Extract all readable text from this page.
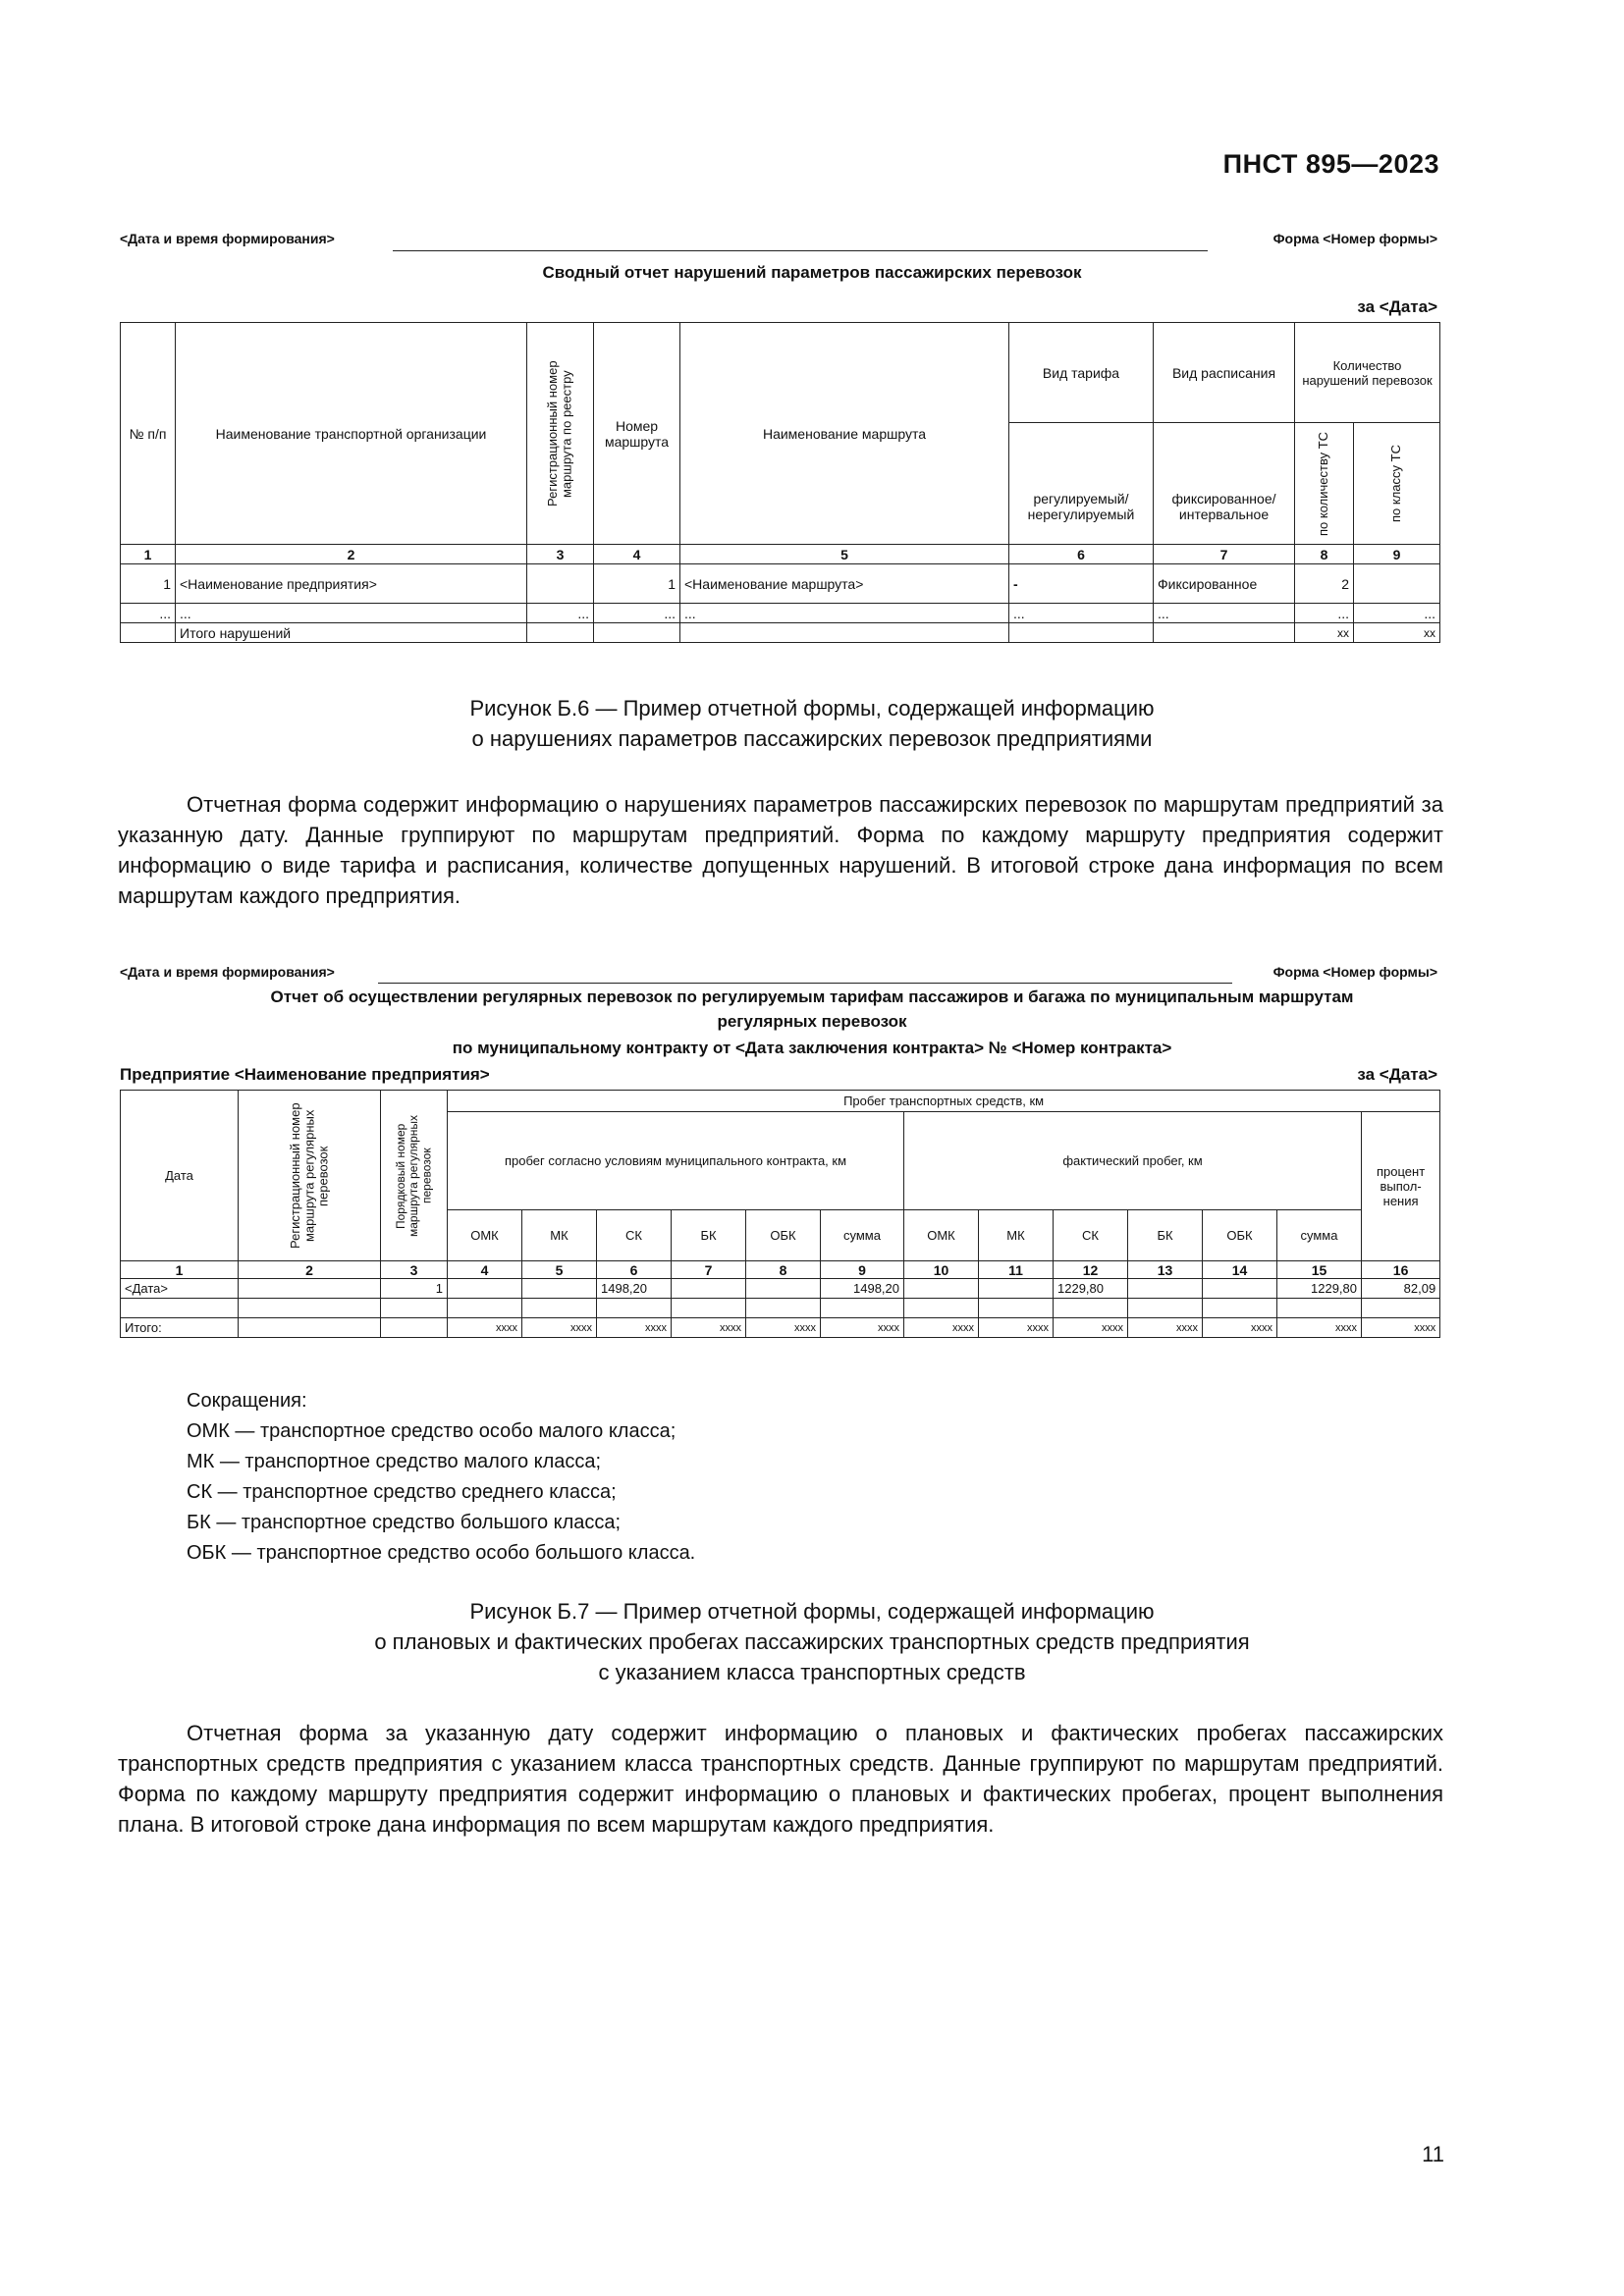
ПНСТ 895—2023
<Дата и время формирования>	Форма <Номер формы>
Сводный отчет нарушений параметров пассажирских перевозок
за <Дата>
№ п/п	Наименование транспортной организации	Регистрационный номер маршрута по реестру	Номер маршрута	Наименование маршрута	Вид тарифа	Вид расписания	Количество нарушений перевозок	
					регулируемый/ нерегулируемый	фиксированное/ интервальное	по количеству ТС	по классу ТС

1	2	3	4	5	6	7	8	9
1	<Наименование предприятия>		1	<Наименование маршрута>	-	Фиксированное	2	
...	...	...	...	...	...	...	...	...
	Итого нарушений						xx	xx
Рисунок Б.6 — Пример отчетной формы, содержащей информацию
о нарушениях параметров пассажирских перевозок предприятиями

Отчетная форма содержит информацию о нарушениях параметров пассажирских перевозок по маршрутам предприятий за указанную дату. Данные группируют по маршрутам предприятий. Форма по каждому маршруту предприятия содержит информацию о виде тарифа и расписания, количестве допущенных нарушений. В итоговой строке дана информация по всем маршрутам каждого предприятия.

<Дата и время формирования>	Форма <Номер формы>
Отчет об осуществлении регулярных перевозок по регулируемым тарифам пассажиров и багажа по муниципальным маршрутам
регулярных перевозок
по муниципальному контракту от <Дата заключения контракта> № <Номер контракта>
Предприятие <Наименование предприятия>	за <Дата>
Дата	Регистрационный номер маршрута регулярных перевозок	Порядковый номер маршрута регулярных перевозок	Пробег транспортных средств, км												
			пробег согласно условиям муниципального контракта, км						фактический пробег, км						процент выпол-нения
			ОМК	МК	СК	БК	ОБК	сумма	ОМК	МК	СК	БК	ОБК	сумма	
1	2	3	4	5	6	7	8	9	10	11	12	13	14	15	16
<Дата>		1			1498,20			1498,20			1229,80			1229,80	82,09

Итого:			xxxx	xxxx	xxxx	xxxx	xxxx	xxxx	xxxx	xxxx	xxxx	xxxx	xxxx	xxxx	xxxx
Сокращения:
ОМК — транспортное средство особо малого класса;
МК — транспортное средство малого класса;
СК — транспортное средство среднего класса;
БК — транспортное средство большого класса;
ОБК — транспортное средство особо большого класса.
Рисунок Б.7 — Пример отчетной формы, содержащей информацию
о плановых и фактических пробегах пассажирских транспортных средств предприятия
с указанием класса транспортных средств

Отчетная форма за указанную дату содержит информацию о плановых и фактических пробегах пассажирских транспортных средств предприятия с указанием класса транспортных средств. Данные группируют по маршрутам предприятий. Форма по каждому маршруту предприятия содержит информацию о плановых и фактических пробегах, процент выполнения плана. В итоговой строке дана информация по всем маршрутам каждого предприятия.

11
